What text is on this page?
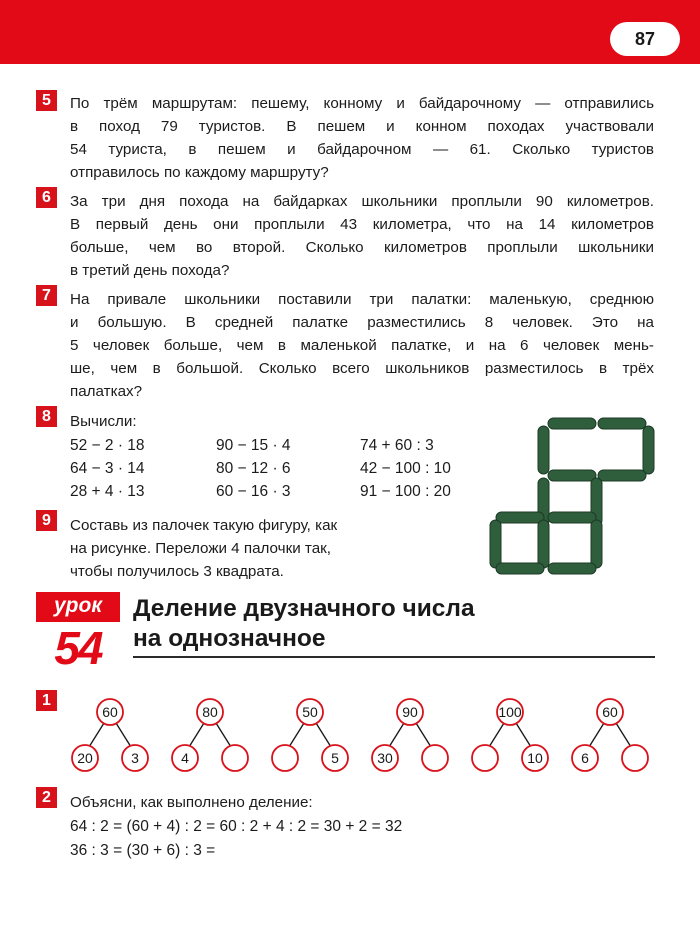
87
5	По трём маршрутам: пешему, конному и байдарочному — отправились
в поход 79 туристов. В пешем и конном походах участвовали
54 туриста, в пешем и байдарочном — 61. Сколько туристов
отправилось по каждому маршруту?
6	За три дня похода на байдарках школьники проплыли 90 километров.
В первый день они проплыли 43 километра, что на 14 километров
больше, чем во второй. Сколько километров проплыли школьники
в третий день похода?
7	На привале школьники поставили три палатки: маленькую, среднюю
и большую. В средней палатке разместились 8 человек. Это на
5 человек больше, чем в маленькой палатке, и на 6 человек мень-
ше, чем в большой. Сколько всего школьников разместилось в трёх
палатках?
8	Вычисли:
52 − 2 · 18	90 − 15 · 4	74 + 60 : 3
64 − 3 · 14	80 − 12 · 6	42 − 100 : 10
28 + 4 · 13	60 − 16 · 3	91 − 100 : 20
9	Составь из палочек такую фигуру, как
на рисунке. Переложи 4 палочки так,
чтобы получилось 3 квадрата.
урок
54
Деление двузначного числа
на однозначное
1
60
20	3
80
4
50
5
90
30
100
10
60
6
2	Объясни, как выполнено деление:
64 : 2 = (60 + 4) : 2 = 60 : 2 + 4 : 2 = 30 + 2 = 32
36 : 3 = (30 + 6) : 3 =
